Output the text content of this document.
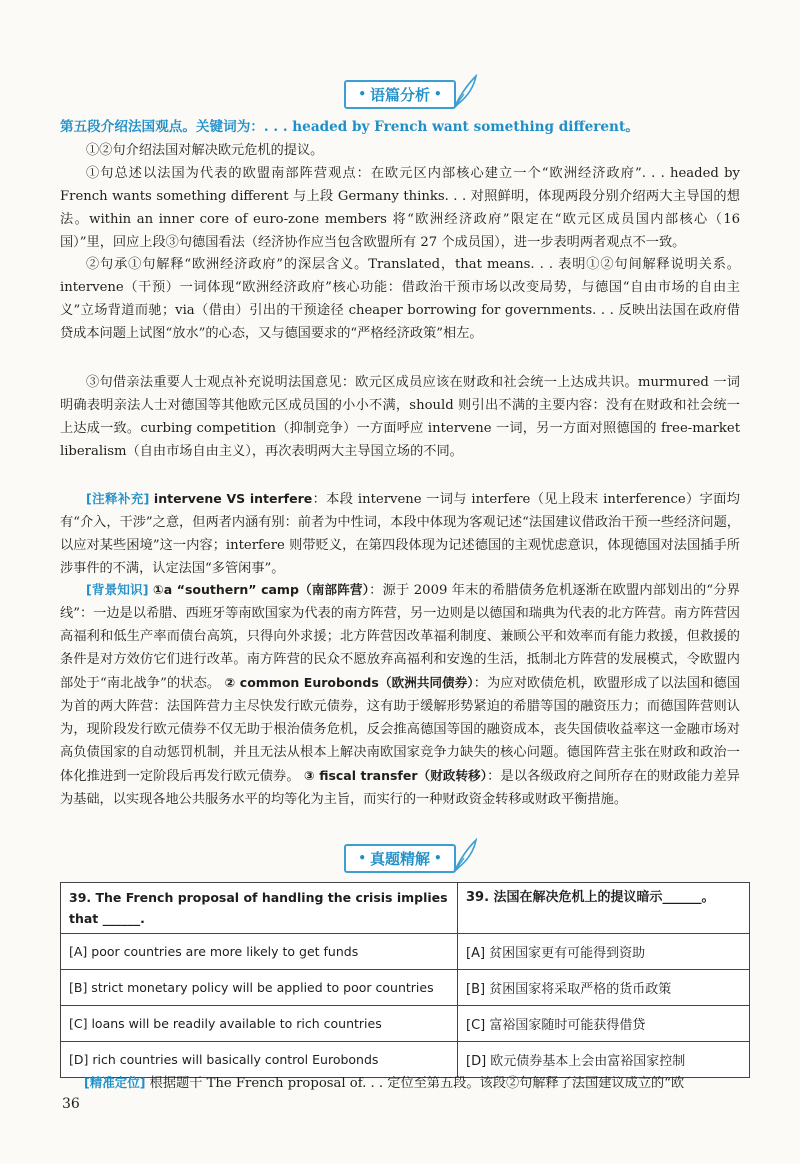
• 语篇分析 •

第五段介绍法国观点。关键词为：. . . headed by French want something different。

①②句介绍法国对解决欧元危机的提议。

①句总述以法国为代表的欧盟南部阵营观点：在欧元区内部核心建立一个“欧洲经济政府”. . . headed by French wants something different 与上段 Germany thinks. . . 对照鲜明，体现两段分别介绍两大主导国的想法。within an inner core of euro-zone members 将“欧洲经济政府”限定在“欧元区成员国内部核心（16 国）”里，回应上段③句德国看法（经济协作应当包含欧盟所有 27 个成员国），进一步表明两者观点不一致。

②句承①句解释“欧洲经济政府”的深层含义。Translated，that means. . . 表明①②句间解释说明关系。intervene（干预）一词体现“欧洲经济政府”核心功能：借政治干预市场以改变局势，与德国“自由市场的自由主义”立场背道而驰；via（借由）引出的干预途径 cheaper borrowing for governments. . . 反映出法国在政府借贷成本问题上试图“放水”的心态，又与德国要求的“严格经济政策”相左。

③句借亲法重要人士观点补充说明法国意见：欧元区成员应该在财政和社会统一上达成共识。murmured 一词明确表明亲法人士对德国等其他欧元区成员国的小小不满，should 则引出不满的主要内容：没有在财政和社会统一上达成一致。curbing competition（抑制竞争）一方面呼应 intervene 一词，另一方面对照德国的 free-market liberalism（自由市场自由主义），再次表明两大主导国立场的不同。

[注释补充] intervene VS interfere：本段 intervene 一词与 interfere（见上段末 interference）字面均有“介入，干涉”之意，但两者内涵有别：前者为中性词，本段中体现为客观记述“法国建议借政治干预一些经济问题，以应对某些困境”这一内容；interfere 则带贬义，在第四段体现为记述德国的主观忧虑意识，体现德国对法国插手所涉事件的不满，认定法国“多管闲事”。

[背景知识] ①a “southern” camp（南部阵营）：源于 2009 年末的希腊债务危机逐渐在欧盟内部划出的“分界线”：一边是以希腊、西班牙等南欧国家为代表的南方阵营，另一边则是以德国和瑞典为代表的北方阵营。南方阵营因高福利和低生产率而债台高筑，只得向外求援；北方阵营因改革福利制度、兼顾公平和效率而有能力救援，但救援的条件是对方效仿它们进行改革。南方阵营的民众不愿放弃高福利和安逸的生活，抵制北方阵营的发展模式，令欧盟内部处于“南北战争”的状态。 ② common Eurobonds（欧洲共同债券）：为应对欧债危机，欧盟形成了以法国和德国为首的两大阵营：法国阵营力主尽快发行欧元债券，这有助于缓解形势紧迫的希腊等国的融资压力；而德国阵营则认为，现阶段发行欧元债券不仅无助于根治债务危机，反会推高德国等国的融资成本，丧失国债收益率这一金融市场对高负债国家的自动惩罚机制，并且无法从根本上解决南欧国家竞争力缺失的核心问题。德国阵营主张在财政和政治一体化推进到一定阶段后再发行欧元债券。 ③ fiscal transfer（财政转移）：是以各级政府之间所存在的财政能力差异为基础，以实现各地公共服务水平的均等化为主旨，而实行的一种财政资金转移或财政平衡措施。

• 真题精解 •
39. The French proposal of handling the crisis implies that ______.	39. 法国在解决危机上的提议暗示______。
[A] poor countries are more likely to get funds	[A] 贫困国家更有可能得到资助
[B] strict monetary policy will be applied to poor countries	[B] 贫困国家将采取严格的货币政策
[C] loans will be readily available to rich countries	[C] 富裕国家随时可能获得借贷
[D] rich countries will basically control Eurobonds	[D] 欧元债券基本上会由富裕国家控制
[精准定位] 根据题干 The French proposal of. . . 定位至第五段。该段②句解释了法国建议成立的“欧
36
